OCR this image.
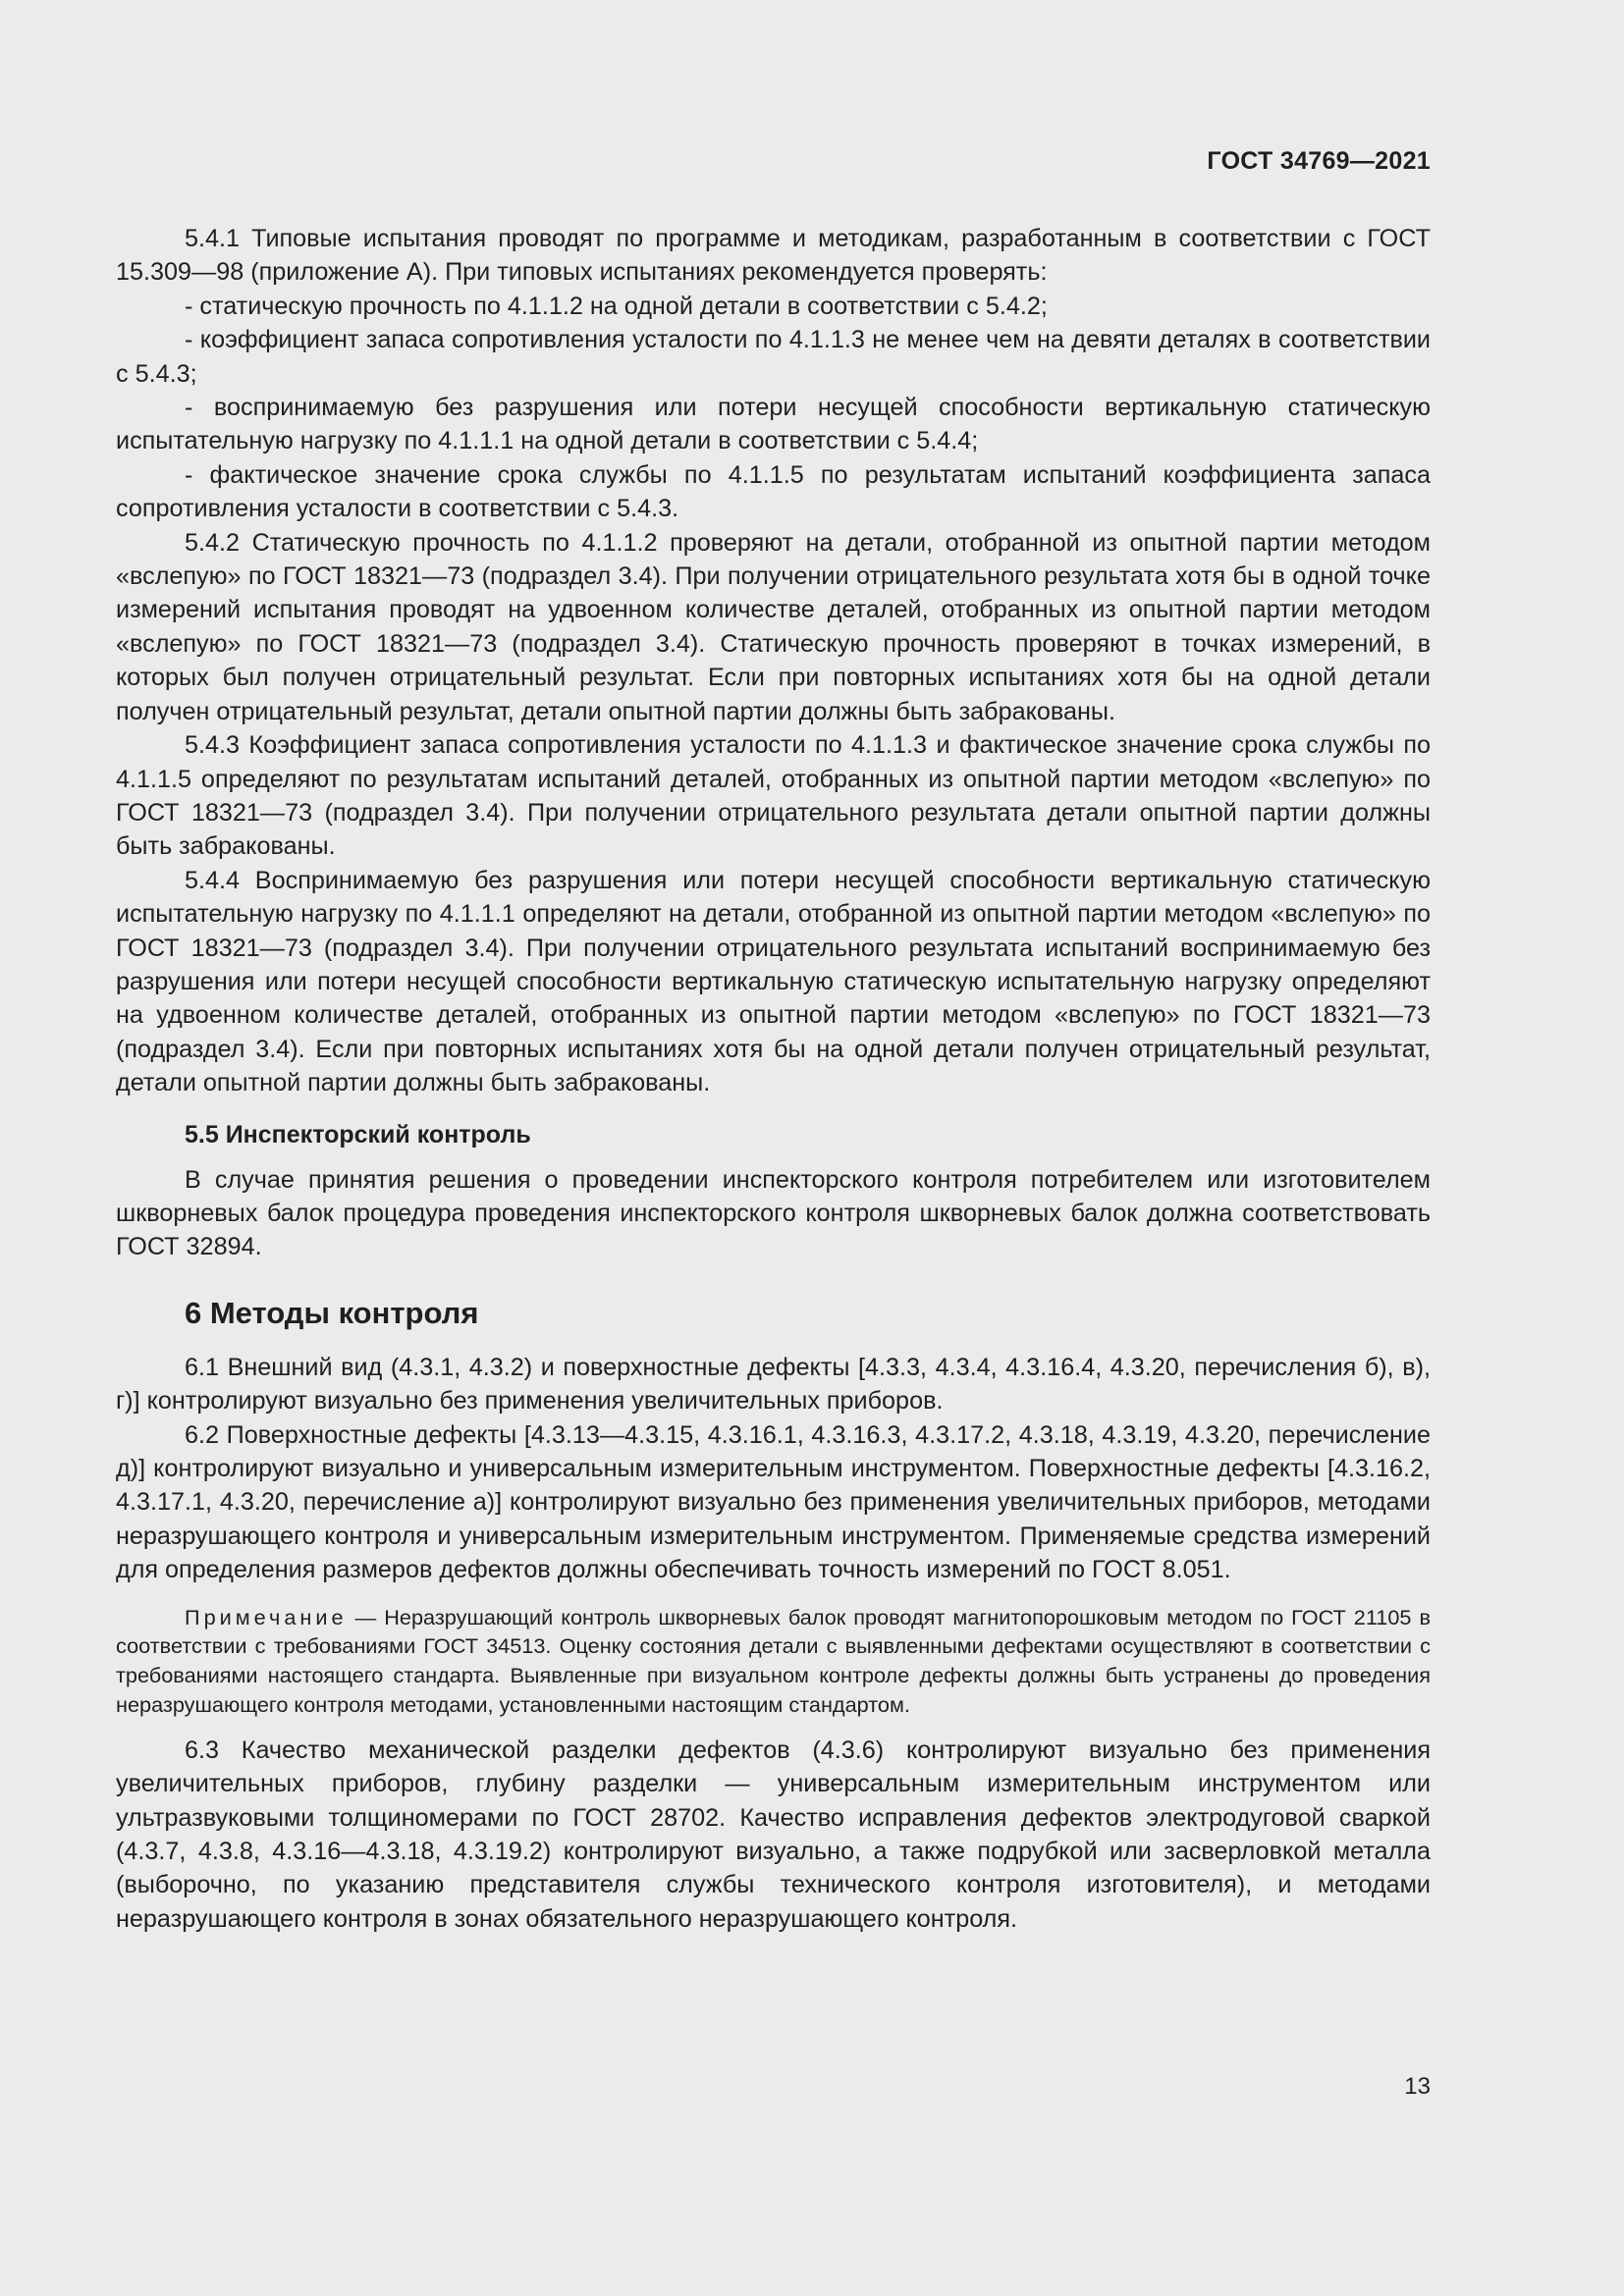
ГОСТ 34769—2021

5.4.1 Типовые испытания проводят по программе и методикам, разработанным в соответствии с ГОСТ 15.309—98 (приложение А). При типовых испытаниях рекомендуется проверять:

- статическую прочность по 4.1.1.2 на одной детали в соответствии с 5.4.2;

- коэффициент запаса сопротивления усталости по 4.1.1.3 не менее чем на девяти деталях в соответствии с 5.4.3;

- воспринимаемую без разрушения или потери несущей способности вертикальную статическую испытательную нагрузку по 4.1.1.1 на одной детали в соответствии с 5.4.4;

- фактическое значение срока службы по 4.1.1.5 по результатам испытаний коэффициента запаса сопротивления усталости в соответствии с 5.4.3.

5.4.2 Статическую прочность по 4.1.1.2 проверяют на детали, отобранной из опытной партии методом «вслепую» по ГОСТ 18321—73 (подраздел 3.4). При получении отрицательного результата хотя бы в одной точке измерений испытания проводят на удвоенном количестве деталей, отобранных из опытной партии методом «вслепую» по ГОСТ 18321—73 (подраздел 3.4). Статическую прочность проверяют в точках измерений, в которых был получен отрицательный результат. Если при повторных испытаниях хотя бы на одной детали получен отрицательный результат, детали опытной партии должны быть забракованы.

5.4.3 Коэффициент запаса сопротивления усталости по 4.1.1.3 и фактическое значение срока службы по 4.1.1.5 определяют по результатам испытаний деталей, отобранных из опытной партии методом «вслепую» по ГОСТ 18321—73 (подраздел 3.4). При получении отрицательного результата детали опытной партии должны быть забракованы.

5.4.4 Воспринимаемую без разрушения или потери несущей способности вертикальную статическую испытательную нагрузку по 4.1.1.1 определяют на детали, отобранной из опытной партии методом «вслепую» по ГОСТ 18321—73 (подраздел 3.4). При получении отрицательного результата испытаний воспринимаемую без разрушения или потери несущей способности вертикальную статическую испытательную нагрузку определяют на удвоенном количестве деталей, отобранных из опытной партии методом «вслепую» по ГОСТ 18321—73 (подраздел 3.4). Если при повторных испытаниях хотя бы на одной детали получен отрицательный результат, детали опытной партии должны быть забракованы.

5.5 Инспекторский контроль

В случае принятия решения о проведении инспекторского контроля потребителем или изготовителем шкворневых балок процедура проведения инспекторского контроля шкворневых балок должна соответствовать ГОСТ 32894.

6 Методы контроля

6.1 Внешний вид (4.3.1, 4.3.2) и поверхностные дефекты [4.3.3, 4.3.4, 4.3.16.4, 4.3.20, перечисления б), в), г)] контролируют визуально без применения увеличительных приборов.

6.2 Поверхностные дефекты [4.3.13—4.3.15, 4.3.16.1, 4.3.16.3, 4.3.17.2, 4.3.18, 4.3.19, 4.3.20, перечисление д)] контролируют визуально и универсальным измерительным инструментом. Поверхностные дефекты [4.3.16.2, 4.3.17.1, 4.3.20, перечисление а)] контролируют визуально без применения увеличительных приборов, методами неразрушающего контроля и универсальным измерительным инструментом. Применяемые средства измерений для определения размеров дефектов должны обеспечивать точность измерений по ГОСТ 8.051.

Примечание — Неразрушающий контроль шкворневых балок проводят магнитопорошковым методом по ГОСТ 21105 в соответствии с требованиями ГОСТ 34513. Оценку состояния детали с выявленными дефектами осуществляют в соответствии с требованиями настоящего стандарта. Выявленные при визуальном контроле дефекты должны быть устранены до проведения неразрушающего контроля методами, установленными настоящим стандартом.

6.3 Качество механической разделки дефектов (4.3.6) контролируют визуально без применения увеличительных приборов, глубину разделки — универсальным измерительным инструментом или ультразвуковыми толщиномерами по ГОСТ 28702. Качество исправления дефектов электродуговой сваркой (4.3.7, 4.3.8, 4.3.16—4.3.18, 4.3.19.2) контролируют визуально, а также подрубкой или засверловкой металла (выборочно, по указанию представителя службы технического контроля изготовителя), и методами неразрушающего контроля в зонах обязательного неразрушающего контроля.

13
